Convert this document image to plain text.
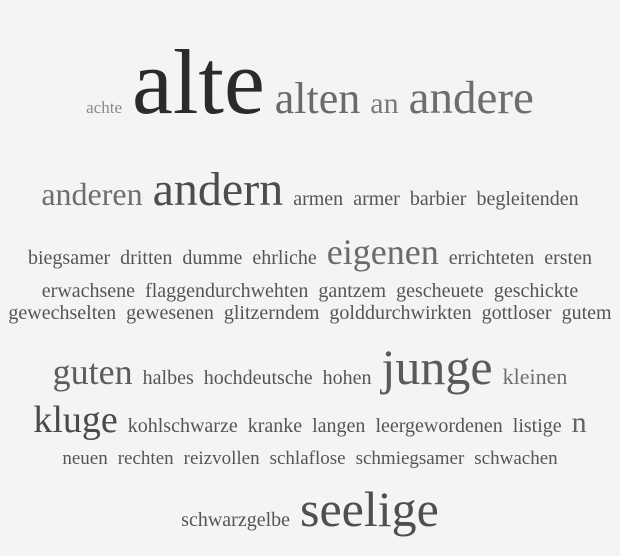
achte alte alten an andere
anderen andern armen armer barbier begleitenden
biegsamer dritten dumme ehrliche eigenen errichteten ersten
erwachsene flaggendurchwehten gantzem gescheuete geschickte
gewechselten gewesenen glitzerndem golddurchwirkten gottloser gutem
guten halbes hochdeutsche hohen junge kleinen
kluge kohlschwarze kranke langen leergewordenen listige n
neuen rechten reizvollen schlaflose schmiegsamer schwachen
schwarzgelbe seelige
